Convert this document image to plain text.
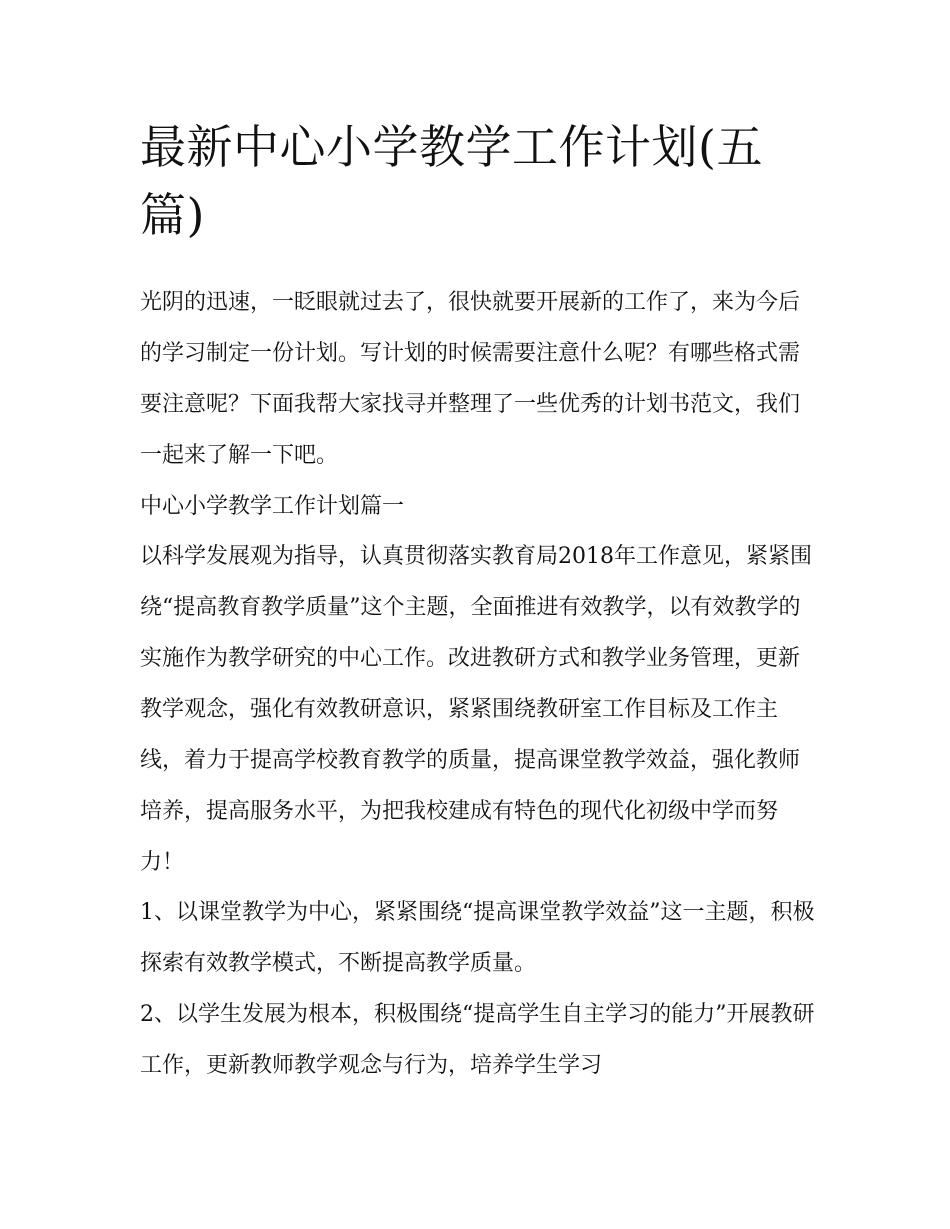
最新中心小学教学工作计划(五篇)

光阴的迅速，一眨眼就过去了，很快就要开展新的工作了，来为今后的学习制定一份计划。写计划的时候需要注意什么呢？有哪些格式需要注意呢？下面我帮大家找寻并整理了一些优秀的计划书范文，我们一起来了解一下吧。

中心小学教学工作计划篇一

以科学发展观为指导，认真贯彻落实教育局2018年工作意见，紧紧围绕“提高教育教学质量”这个主题，全面推进有效教学，以有效教学的实施作为教学研究的中心工作。改进教研方式和教学业务管理，更新教学观念，强化有效教研意识，紧紧围绕教研室工作目标及工作主线，着力于提高学校教育教学的质量，提高课堂教学效益，强化教师培养，提高服务水平，为把我校建成有特色的现代化初级中学而努力！

1、以课堂教学为中心，紧紧围绕“提高课堂教学效益”这一主题，积极探索有效教学模式，不断提高教学质量。

2、以学生发展为根本，积极围绕“提高学生自主学习的能力”开展教研工作，更新教师教学观念与行为，培养学生学习
